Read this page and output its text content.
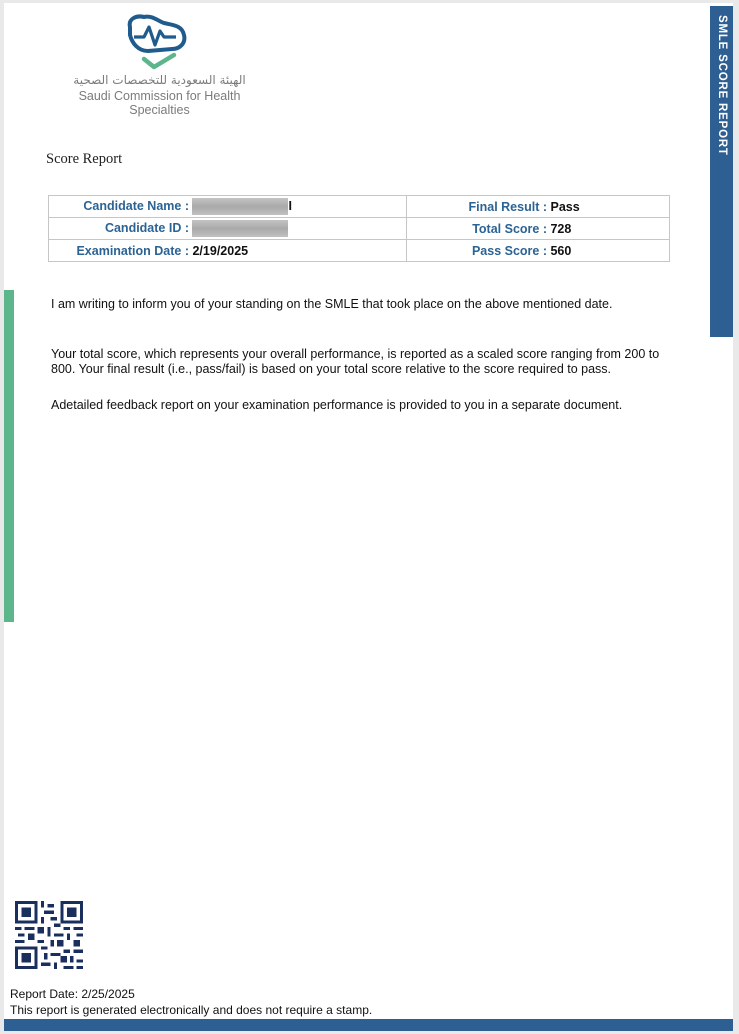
الهيئة السعودية للتخصصات الصحية
Saudi Commission for Health Specialties	SMLE SCORE REPORT
Score Report
Candidate Name : I	Final Result : Pass
Candidate ID :	Total Score : 728
Examination Date : 2/19/2025	Pass Score : 560
I am writing to inform you of your standing on the SMLE that took place on the above mentioned date.
Your total score, which represents your overall performance, is reported as a scaled score ranging from 200 to 800. Your final result (i.e., pass/fail) is based on your total score relative to the score required to pass.
Adetailed feedback report on your examination performance is provided to you in a separate document.
Report Date: 2/25/2025
This report is generated electronically and does not require a stamp.
